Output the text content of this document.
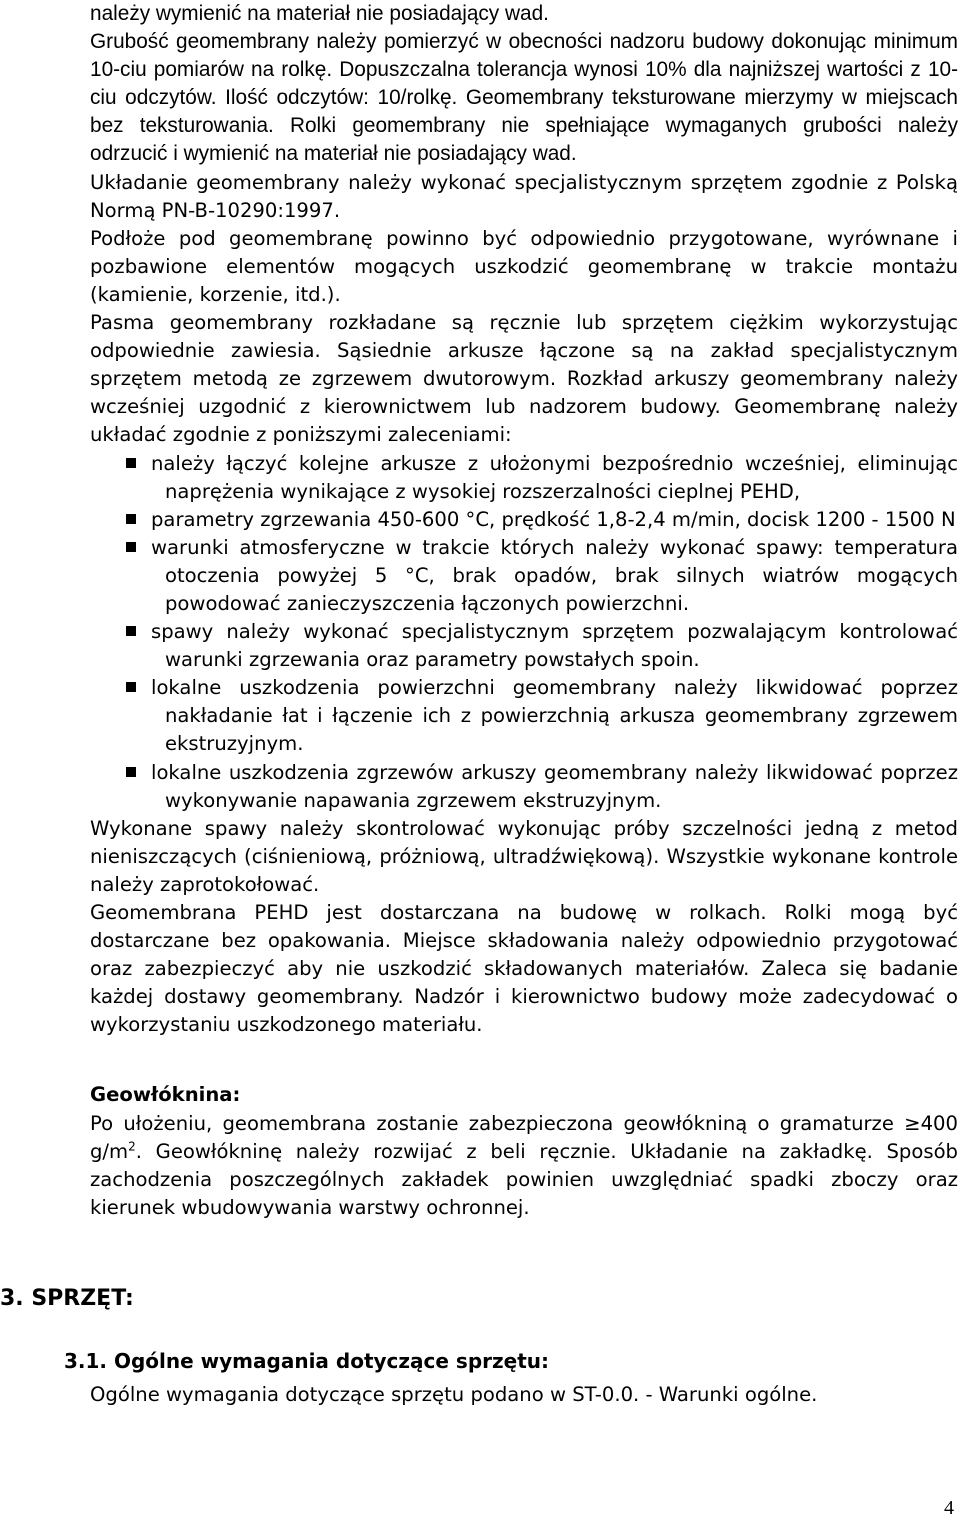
należy wymienić na materiał nie posiadający wad.

Grubość geomembrany należy pomierzyć w obecności nadzoru budowy dokonując minimum 10-ciu pomiarów na rolkę. Dopuszczalna tolerancja wynosi 10% dla najniższej wartości z 10-ciu odczytów. Ilość odczytów: 10/rolkę. Geomembrany teksturowane mierzymy w miejscach bez teksturowania. Rolki geomembrany nie spełniające wymaganych grubości należy odrzucić i wymienić na materiał nie posiadający wad.

Układanie geomembrany należy wykonać specjalistycznym sprzętem zgodnie z Polską Normą PN-B-10290:1997.

Podłoże pod geomembranę powinno być odpowiednio przygotowane, wyrównane i pozbawione elementów mogących uszkodzić geomembranę w trakcie montażu (kamienie, korzenie, itd.).

Pasma geomembrany rozkładane są ręcznie lub sprzętem ciężkim wykorzystując odpowiednie zawiesia. Sąsiednie arkusze łączone są na zakład specjalistycznym sprzętem metodą ze zgrzewem dwutorowym. Rozkład arkuszy geomembrany należy wcześniej uzgodnić z kierownictwem lub nadzorem budowy. Geomembranę należy układać zgodnie z poniższymi zaleceniami:

należy łączyć kolejne arkusze z ułożonymi bezpośrednio wcześniej, eliminując naprężenia wynikające z wysokiej rozszerzalności cieplnej PEHD,
parametry zgrzewania 450-600 °C, prędkość 1,8-2,4 m/min, docisk 1200 - 1500 N
warunki atmosferyczne w trakcie których należy wykonać spawy: temperatura otoczenia powyżej 5 °C, brak opadów, brak silnych wiatrów mogących powodować zanieczyszczenia łączonych powierzchni.
spawy należy wykonać specjalistycznym sprzętem pozwalającym kontrolować warunki zgrzewania oraz parametry powstałych spoin.
lokalne uszkodzenia powierzchni geomembrany należy likwidować poprzez nakładanie łat i łączenie ich z powierzchnią arkusza geomembrany zgrzewem ekstruzyjnym.
lokalne uszkodzenia zgrzewów arkuszy geomembrany należy likwidować poprzez wykonywanie napawania zgrzewem ekstruzyjnym.

Wykonane spawy należy skontrolować wykonując próby szczelności jedną z metod nieniszczących (ciśnieniową, próżniową, ultradźwiękową). Wszystkie wykonane kontrole należy zaprotokołować.

Geomembrana PEHD jest dostarczana na budowę w rolkach. Rolki mogą być dostarczane bez opakowania. Miejsce składowania należy odpowiednio przygotować oraz zabezpieczyć aby nie uszkodzić składowanych materiałów. Zaleca się badanie każdej dostawy geomembrany. Nadzór i kierownictwo budowy może zadecydować o wykorzystaniu uszkodzonego materiału.

Geowłóknina:

Po ułożeniu, geomembrana zostanie zabezpieczona geowłókniną o gramaturze ≥400 $g/m^2$. Geowłókninę należy rozwijać z beli ręcznie. Układanie na zakładkę. Sposób zachodzenia poszczególnych zakładek powinien uwzględniać spadki zboczy oraz kierunek wbudowywania warstwy ochronnej.

3. SPRZĘT:
3.1. Ogólne wymagania dotyczące sprzętu:
Ogólne wymagania dotyczące sprzętu podano w ST-0.0. - Warunki ogólne.
4
